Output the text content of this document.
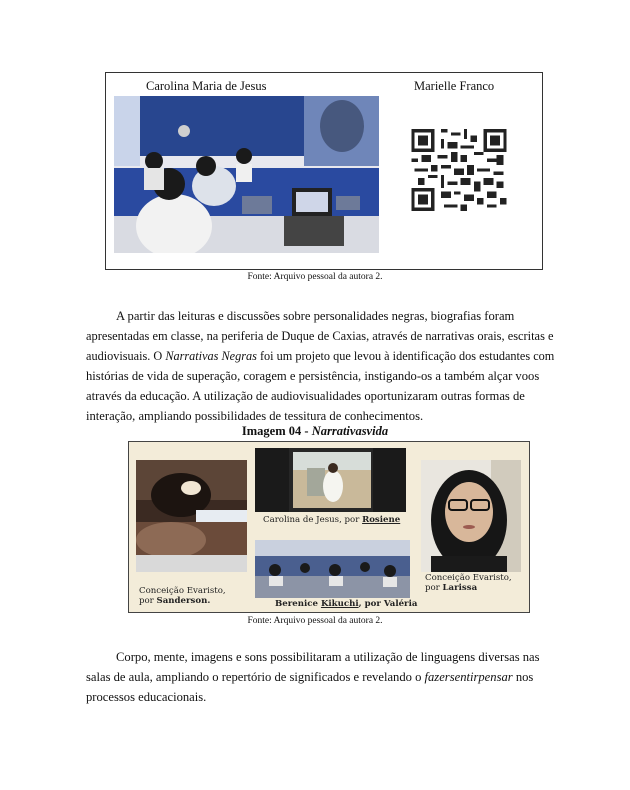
Carolina Maria de Jesus	Marielle Franco
Fonte: Arquivo pessoal da autora 2.
A partir das leituras e discussões sobre personalidades negras, biografias foram
apresentadas em classe, na periferia de Duque de Caxias, através de narrativas orais, escritas e
audiovisuais. O Narrativas Negras foi um projeto que levou à identificação dos estudantes com
histórias de vida de superação, coragem e persistência, instigando-os a também alçar voos
através da educação. A utilização de audiovisualidades oportunizaram outras formas de
interação, ampliando possibilidades de tessitura de conhecimentos.
Imagem 04 - Narrativasvida
Conceição Evaristo,
por Sanderson.
Carolina de Jesus, por Rosiene
Berenice Kikuchi, por Valéria
Conceição Evaristo,
por Larissa
Fonte: Arquivo pessoal da autora 2.
Corpo, mente, imagens e sons possibilitaram a utilização de linguagens diversas nas
salas de aula, ampliando o repertório de significados e revelando o fazersentirpensar nos
processos educacionais.
